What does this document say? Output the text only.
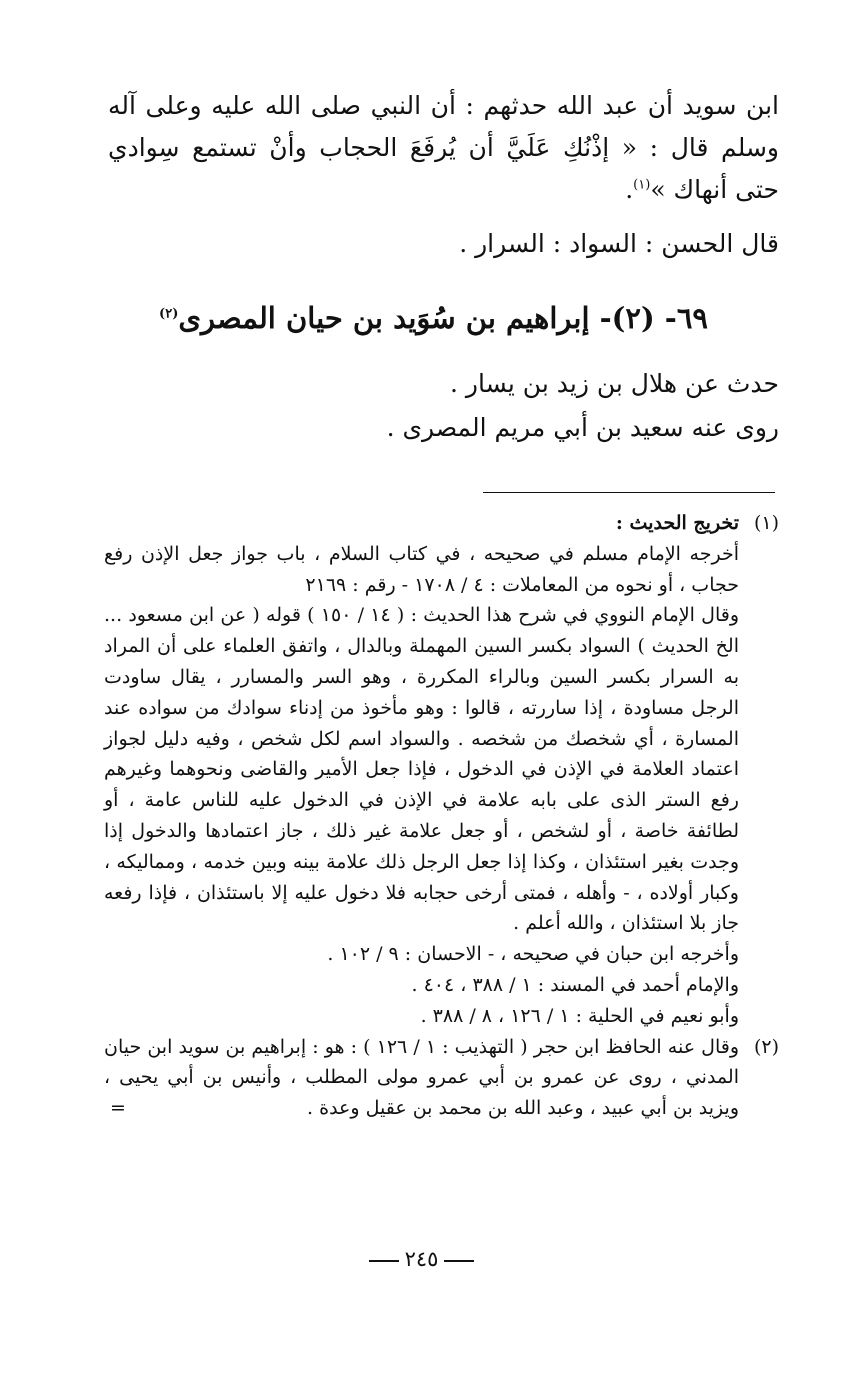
ابن سويد أن عبد الله حدثهم : أن النبي صلى الله عليه وعلى آله وسلم قال : « إذْنُكِ عَلَيَّ أن يُرفَعَ الحجاب وأنْ تستمع سِوادي حتى أنهاك »$^{(١)}$.

قال الحسن : السواد : السرار .

٦٩- (٢)- إبراهيم بن سُوَيد بن حيان المصرى$^{(٢)}$

حدث عن هلال بن زيد بن يسار .

روى عنه سعيد بن أبي مريم المصرى .

(١)

تخريج الحديث :

أخرجه الإمام مسلم في صحيحه ، في كتاب السلام ، باب جواز جعل الإذن رفع حجاب ، أو نحوه من المعاملات : ٤ / ١٧٠٨ - رقم : ٢١٦٩

وقال الإمام النووي في شرح هذا الحديث : ( ١٤ / ١٥٠ ) قوله ( عن ابن مسعود ... الخ الحديث ) السواد بكسر السين المهملة وبالدال ، واتفق العلماء على أن المراد به السرار بكسر السين وبالراء المكررة ، وهو السر والمسارر ، يقال ساودت الرجل مساودة ، إذا ساررته ، قالوا : وهو مأخوذ من إدناء سوادك من سواده عند المسارة ، أي شخصك من شخصه . والسواد اسم لكل شخص ، وفيه دليل لجواز اعتماد العلامة في الإذن في الدخول ، فإذا جعل الأمير والقاضى ونحوهما وغيرهم رفع الستر الذى على بابه علامة في الإذن في الدخول عليه للناس عامة ، أو لطائفة خاصة ، أو لشخص ، أو جعل علامة غير ذلك ، جاز اعتمادها والدخول إذا وجدت بغير استئذان ، وكذا إذا جعل الرجل ذلك علامة بينه وبين خدمه ، ومماليكه ، وكبار أولاده ، - وأهله ، فمتى أرخى حجابه فلا دخول عليه إلا باستئذان ، فإذا رفعه جاز بلا استئذان ، والله أعلم .

وأخرجه ابن حبان في صحيحه ، - الاحسان : ٩ / ١٠٢ .

والإمام أحمد في المسند : ١ / ٣٨٨ ، ٤٠٤ .

وأبو نعيم في الحلية : ١ / ١٢٦ ، ٨ / ٣٨٨ .

(٢)

وقال عنه الحافظ ابن حجر ( التهذيب : ١ / ١٢٦ ) : هو : إبراهيم بن سويد ابن حيان المدني ، روى عن عمرو بن أبي عمرو مولى المطلب ، وأنيس بن أبي يحيى ، ويزيد بن أبي عبيد ، وعبد الله بن محمد بن عقيل وعدة .

=
٢٤٥
